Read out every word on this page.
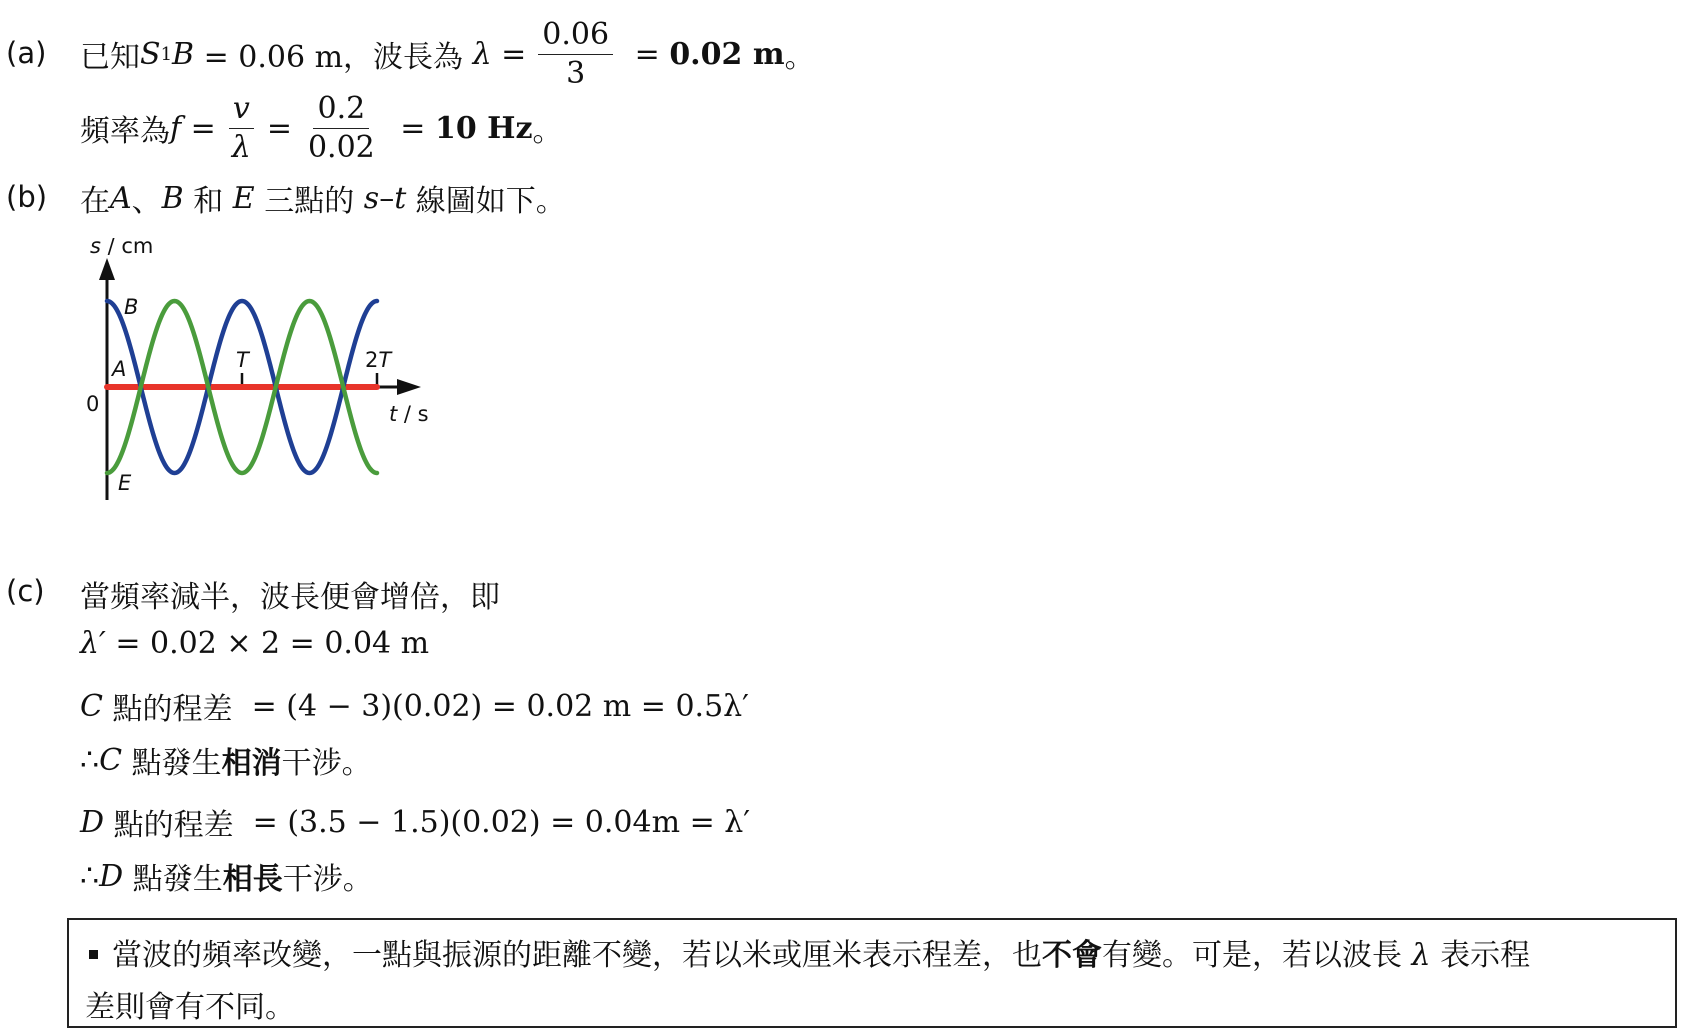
(a) 已知 S 1 B = 0.06 m，波長為 $\lambda = \frac{0.06}{3} = 0.02$ m 。
頻率為 $f = \frac{v}{\lambda} = \frac{0.2}{0.02} = 10$ Hz 。
(b) 在 A 、 B 和 E 三點的 s – t 線圖如下。
T	2T
s / cm
t / s
0
A
B
E
(c) 當頻率減半，波長便會增倍，即
λ′ = 0.02 × 2 = 0.04 m
C 點的程差 = (4 − 3)(0.02) = 0.02 m = 0.5λ′
∴ C 點發生 相消 干涉。
D 點的程差 = (3.5 − 1.5)(0.02) = 0.04m = λ′
∴ D 點發生 相長 干涉。
當波的頻率改變，一點與振源的距離不變，若以米或厘米表示程差，也不會有變。可是，若以波長 λ 表示程
差則會有不同。
